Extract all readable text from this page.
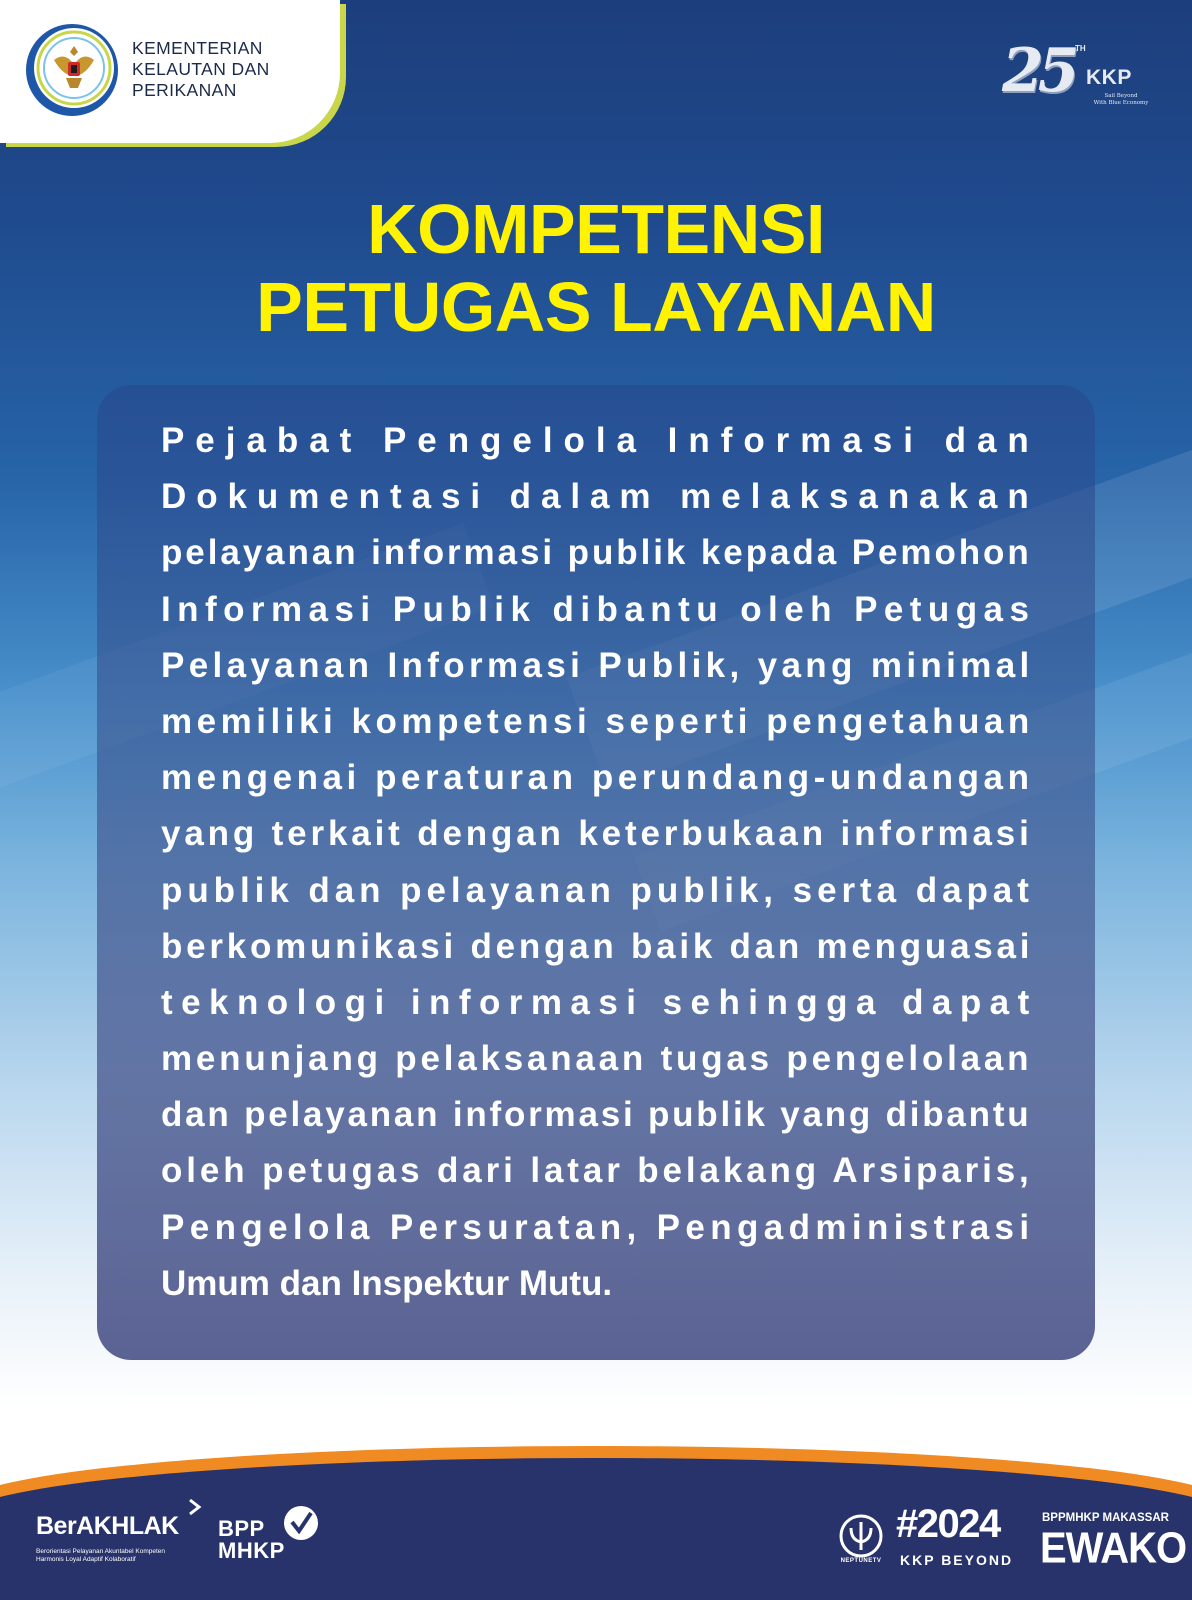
KEMENTERIAN
KELAUTAN DAN
PERIKANAN	25 TH
KKP
Sail Beyond
With Blue Economy
KOMPETENSI
PETUGAS LAYANAN
Pejabat Pengelola Informasi dan
Dokumentasi dalam melaksanakan
pelayanan informasi publik kepada Pemohon
Informasi Publik dibantu oleh Petugas
Pelayanan Informasi Publik, yang minimal
memiliki kompetensi seperti pengetahuan
mengenai peraturan perundang-undangan
yang terkait dengan keterbukaan informasi
publik dan pelayanan publik, serta dapat
berkomunikasi dengan baik dan menguasai
teknologi informasi sehingga dapat
menunjang pelaksanaan tugas pengelolaan
dan pelayanan informasi publik yang dibantu
oleh petugas dari latar belakang Arsiparis,
Pengelola Persuratan, Pengadministrasi
Umum dan Inspektur Mutu.
BerAKHLAK
Berorientasi Pelayanan Akuntabel Kompeten
Harmonis Loyal Adaptif Kolaboratif
BPP
MHKP	NEPTUNETV
#2024
KKP BEYOND
BPPMHKP MAKASSAR
EWAKO
